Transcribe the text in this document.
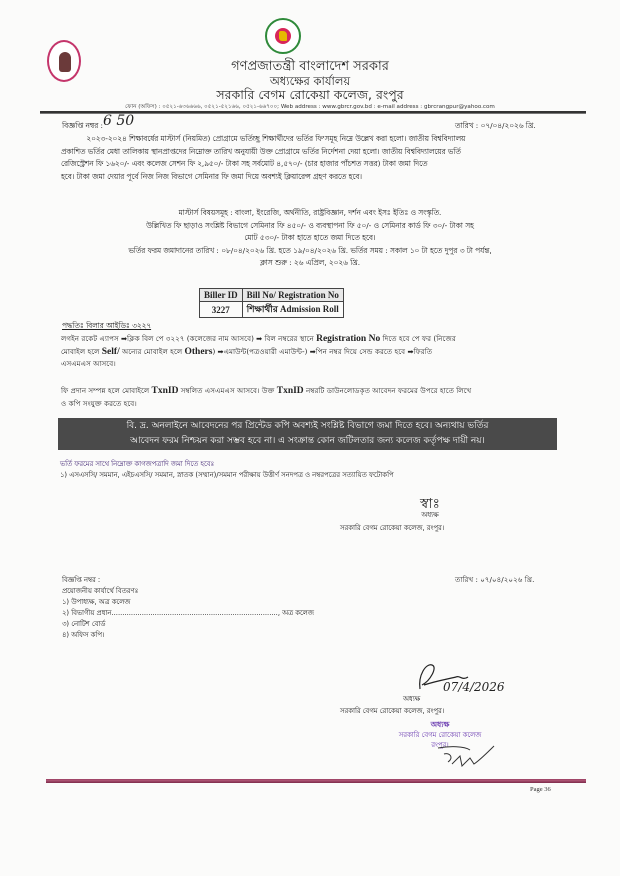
গণপ্রজাতন্ত্রী বাংলাদেশ সরকার
অধ্যক্ষের কার্যালয়
সরকারি বেগম রোকেয়া কলেজ, রংপুর
ফোন (অফিস) : ০৫২১-৬৩৬৬৬৬, ০৫২১-৫২১৬৬, ০৫২১-৬৬৭০০; Web address : www.gbrcr.gov.bd : e-mail address : gbrcrangpur@yahoo.com
বিজ্ঞপ্তি নম্বর : 6 50	তারিখ : ০৭/০৪/২০২৬ খ্রি.

২০২৩-২০২৪ শিক্ষাবর্ষের মাস্টার্স (নিয়মিত) প্রোগ্রামে ভর্তিচ্ছু শিক্ষার্থীদের ভর্তির ফি'সমূহ নিম্নে উল্লেখ করা হলো। জাতীয় বিশ্ববিদ্যালয়

প্রকাশিত ভর্তির মেধা তালিকায় স্থানপ্রাপ্তদের নিম্নোক্ত তারিখ অনুযায়ী উক্ত প্রোগ্রামে ভর্তির নির্দেশনা দেয়া হলো। জাতীয় বিশ্ববিদ্যালয়ের ভর্তি

রেজিস্ট্রেশন ফি ১৬২০/- এবং কলেজ সেশন ফি ২,৯৫০/- টাকা সহ সর্বমোট ৪,৫৭০/- (চার হাজার পাঁচশত সত্তর) টাকা জমা দিতে

হবে। টাকা জমা দেয়ার পূর্বে নিজ নিজ বিভাগে সেমিনার ফি জমা দিয়ে অবশ্যই ক্লিয়ারেন্স গ্রহণ করতে হবে।

মাস্টার্স বিষয়সমূহ : বাংলা, ইংরেজি, অর্থনীতি, রাষ্ট্রবিজ্ঞান, দর্শন এবং ইসঃ ইতিঃ ও সংস্কৃতি.
উল্লিখিত ফি ছাড়াও সংশ্লিষ্ট বিভাগে সেমিনার ফি ৪৫০/- ও ব্যবস্থাপনা ফি ৫০/- ও সেমিনার কার্ড ফি ৩০/- টাকা সহ
মোট ৫৩০/- টাকা হাতে হাতে জমা দিতে হবে।
ভর্তির ফরম জমাদানের তারিখ : ০৮/০৪/২০২৬ খ্রি. হতে ১৯/০৪/২০২৬ খ্রি. ভর্তির সময় : সকাল ১০ টা হতে দুপুর ৩ টা পর্যন্ত,
ক্লাস শুরু : ২৬ এপ্রিল, ২০২৬ খ্রি.
Biller ID	Bill No/ Registration No
3227	শিক্ষার্থীর Admission Roll
পদ্ধতিঃ বিলার আইডিঃ ৩২২৭

লগইন রকেট এ্যাপস ➡ক্লিক বিল পে ৩২২৭ (কলেজের নাম আসবে) ➡ বিল নম্বরের স্থানে Registration No দিতে হবে পে ফর (নিজের

মোবাইল হলে Self/ অন্যের মোবাইল হলে Others) ➡এমাউন্ট(পত্রওয়ারী এমাউন্ট-) ➡পিন নম্বর দিয়ে সেন্ড করতে হবে ➡ফিরতি

এসএমএস আসবে।

ফি প্রদান সম্পন্ন হলে মোবাইলে TxnID সম্বলিত এসএমএস আসবে। উক্ত TxnID নম্বরটি ডাউনলোডকৃত আবেদন ফরমের উপরে হাতে লিখে

ও কপি সংযুক্ত করতে হবে।

বি. দ্র. অনলাইনে আবেদনের পর প্রিন্টেড কপি অবশ্যই সংশ্লিষ্ট বিভাগে জমা দিতে হবে। অন্যথায় ভর্তির

আবেদন ফরম নিশ্চয়ন করা সম্ভব হবে না। এ সংক্রান্ত কোন জটিলতার জন্য কলেজ কর্তৃপক্ষ দায়ী নয়।

ভর্তি ফরমের সাথে নিম্নোক্ত কাগজপত্রাদি জমা দিতে হবেঃ

১) এসএসসি/ সমমান, এইচএসসি/ সমমান, স্নাতক (সম্মান)/সমমান পরীক্ষায় উত্তীর্ণ সনদপত্র ও নম্বরপত্রের সত্যায়িত ফটোকপি

স্বাঃ
অধ্যক্ষ
সরকারি বেগম রোকেয়া কলেজ, রংপুর।

বিজ্ঞপ্তি নম্বর :

প্রয়োজনীয় কার্যার্থে বিতরণঃ

১) উপাধ্যক্ষ, অত্র কলেজ

২) বিভাগীয় প্রধান............................................................................., অত্র কলেজ

৩) নোটিশ বোর্ড

৪) অফিস কপি।

তারিখ : ০৭/০৪/২০২৬ খ্রি.
07/4/2026
অধ্যক্ষ
সরকারি বেগম রোকেয়া কলেজ, রংপুর।
অধ্যক্ষ
সরকারি বেগম রোকেয়া কলেজ
রংপুর।
Page 36
